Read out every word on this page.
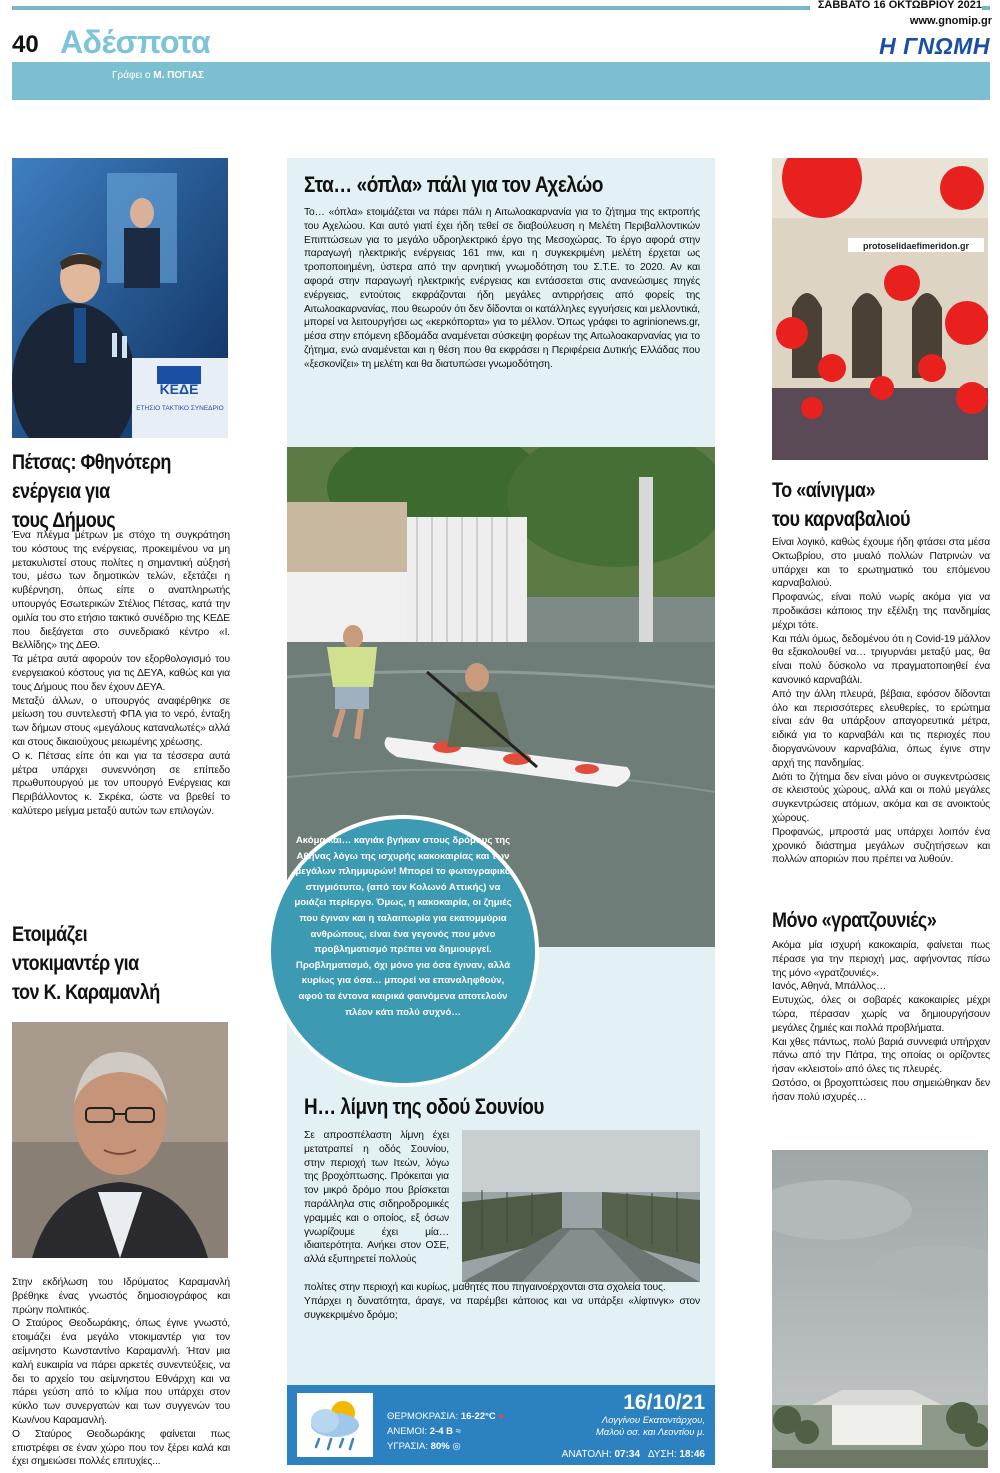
ΣΑΒΒΑΤΟ 16 ΟΚΤΩΒΡΙΟΥ 2021
www.gnomip.gr
Η ΓΝΩΜΗ
40 Αδέσποτα
Γράφει ο Μ. ΠΟΓΙΑΣ
ΚΕΔΕ
ΕΤΗΣΙΟ ΤΑΚΤΙΚΟ ΣΥΝΕΔΡΙΟ
Πέτσας: Φθηνότερη
ενέργεια για
τους Δήμους

Ένα πλέγμα μέτρων με στόχο τη συγκράτηση του κόστους της ενέργειας, προκειμένου να μη μετακυλιστεί στους πολίτες η σημαντική αύξησή του, μέσω των δημοτικών τελών, εξετάζει η κυβέρνηση, όπως είπε ο αναπληρωτής υπουργός Εσωτερικών Στέλιος Πέτσας, κατά την ομιλία του στο ετήσιο τακτικό συνέδριο της ΚΕΔΕ που διεξάγεται στο συνεδριακό κέντρο «Ι. Βελλίδης» της ΔΕΘ.

Τα μέτρα αυτά αφορούν τον εξορθολογισμό του ενεργειακού κόστους για τις ΔΕΥΑ, καθώς και για τους Δήμους που δεν έχουν ΔΕΥΑ.

Μεταξύ άλλων, ο υπουργός αναφέρθηκε σε μείωση του συντελεστή ΦΠΑ για το νερό, ένταξη των δήμων στους «μεγάλους καταναλωτές» αλλά και στους δικαιούχους μειωμένης χρέωσης.

Ο κ. Πέτσας είπε ότι και για τα τέσσερα αυτά μέτρα υπάρχει συνεννόηση σε επίπεδο πρωθυπουργού με τον υπουργό Ενέργειας και Περιβάλλοντος κ. Σκρέκα, ώστε να βρεθεί το καλύτερο μείγμα μεταξύ αυτών των επιλογών.

Ετοιμάζει
ντοκιμαντέρ για
τον Κ. Καραμανλή

Στην εκδήλωση του Ιδρύματος Καραμανλή βρέθηκε ένας γνωστός δημοσιογράφος και πρώην πολιτικός.

Ο Σταύρος Θεοδωράκης, όπως έγινε γνωστό, ετοιμάζει ένα μεγάλο ντοκιμαντέρ για τον αείμνηστο Κωνσταντίνο Καραμανλή. Ήταν μια καλή ευκαιρία να πάρει αρκετές συνεντεύξεις, να δει το αρχείο του αείμνηστου Εθνάρχη και να πάρει γεύση από το κλίμα που υπάρχει στον κύκλο των συνεργατών και των συγγενών του Κων/νου Καραμανλή.

Ο Σταύρος Θεοδωράκης φαίνεται πως επιστρέφει σε έναν χώρο που τον ξέρει καλά και έχει σημειώσει πολλές επιτυχίες...

Στα… «όπλα» πάλι για τον Αχελώο
Το… «όπλα» ετοιμάζεται να πάρει πάλι η Αιτωλοακαρνανία για το ζήτημα της εκτροπής του Αχελώου. Και αυτό γιατί έχει ήδη τεθεί σε διαβούλευση η Μελέτη Περιβαλλοντικών Επιπτώσεων για το μεγάλο υδροηλεκτρικό έργο της Μεσοχώρας. Το έργο αφορά στην παραγωγή ηλεκτρικής ενέργειας 161 mw, και η συγκεκριμένη μελέτη έρχεται ως τροποποιημένη, ύστερα από την αρνητική γνωμοδότηση του Σ.Τ.Ε. το 2020. Αν και αφορά στην παραγωγή ηλεκτρικής ενέργειας και εντάσσεται στις ανανεώσιμες πηγές ενέργειας, εντούτοις εκφράζονται ήδη μεγάλες αντιρρήσεις από φορείς της Αιτωλοακαρνανίας, που θεωρούν ότι δεν δίδονται οι κατάλληλες εγγυήσεις και μελλοντικά, μπορεί να λειτουργήσει ως «κερκόπορτα» για το μέλλον. Όπως γράφει το agrinionews.gr, μέσα στην επόμενη εβδομάδα αναμένεται σύσκεψη φορέων της Αιτωλοακαρνανίας για το ζήτημα, ενώ αναμένεται και η θέση που θα εκφράσει η Περιφέρεια Δυτικής Ελλάδας που «ξεσκονίζει» τη μελέτη και θα διατυπώσει γνωμοδότηση.
Ακόμα και… καγιάκ βγήκαν στους δρόμους της Αθήνας λόγω της ισχυρής κακοκαιρίας και των μεγάλων πλημμυρών! Μπορεί το φωτογραφικό στιγμιότυπο, (από τον Κολωνό Αττικής) να μοιάζει περίεργο. Όμως, η κακοκαιρία, οι ζημιές που έγιναν και η ταλαιπωρία για εκατομμύρια ανθρώπους, είναι ένα γεγονός που μόνο προβληματισμό πρέπει να δημιουργεί. Προβληματισμό, όχι μόνο για όσα έγιναν, αλλά κυρίως για όσα… μπορεί να επαναληφθούν, αφού τα έντονα καιρικά φαινόμενα αποτελούν πλέον κάτι πολύ συχνό…
Η… λίμνη της οδού Σουνίου
Σε απροσπέλαστη λίμνη έχει μετατραπεί η οδός Σουνίου, στην περιοχή των Ιτεών, λόγω της βροχόπτωσης. Πρόκειται για τον μικρό δρόμο που βρίσκεται παράλληλα στις σιδηροδρομικές γραμμές και ο οποίος, εξ όσων γνωρίζουμε έχει μία… ιδιαιτερότητα. Ανήκει στον ΟΣΕ, αλλά εξυπηρετεί πολλούς

πολίτες στην περιοχή και κυρίως, μαθητές που πηγαινοέρχονται στα σχολεία τους.

Υπάρχει η δυνατότητα, άραγε, να παρέμβει κάποιος και να υπάρξει «λίφτινγκ» στον συγκεκριμένο δρόμο;

ΘΕΡΜΟΚΡΑΣΙΑ: 16-22°C ●
ΑΝΕΜΟΙ: 2-4 Β ≈
ΥΓΡΑΣΙΑ: 80% ◎
16/10/21
Λογγίνου Εκατοντάρχου,
Μαλού οσ. και Λεοντίου μ.
ΑΝΑΤΟΛΗ: 07:34 ΔΥΣΗ: 18:46
protoselidaefimeridon.gr
Το «αίνιγμα»
του καρναβαλιού

Είναι λογικό, καθώς έχουμε ήδη φτάσει στα μέσα Οκτωβρίου, στο μυαλό πολλών Πατρινών να υπάρχει και το ερωτηματικό του επόμενου καρναβαλιού.

Προφανώς, είναι πολύ νωρίς ακόμα για να προδικάσει κάποιος την εξέλιξη της πανδημίας μέχρι τότε.

Και πάλι όμως, δεδομένου ότι η Covid-19 μάλλον θα εξακολουθεί να… τριγυρνάει μεταξύ μας, θα είναι πολύ δύσκολο να πραγματοποιηθεί ένα κανονικό καρναβάλι.

Από την άλλη πλευρά, βέβαια, εφόσον δίδονται όλο και περισσότερες ελευθερίες, το ερώτημα είναι εάν θα υπάρξουν απαγορευτικά μέτρα, ειδικά για το καρναβάλι και τις περιοχές που διοργανώνουν καρναβάλια, όπως έγινε στην αρχή της πανδημίας.

Διότι το ζήτημα δεν είναι μόνο οι συγκεντρώσεις σε κλειστούς χώρους, αλλά και οι πολύ μεγάλες συγκεντρώσεις ατόμων, ακόμα και σε ανοικτούς χώρους.

Προφανώς, μπροστά μας υπάρχει λοιπόν ένα χρονικό διάστημα μεγάλων συζητήσεων και πολλών αποριών που πρέπει να λυθούν.

Μόνο «γρατζουνιές»

Ακόμα μία ισχυρή κακοκαιρία, φαίνεται πως πέρασε για την περιοχή μας, αφήνοντας πίσω της μόνο «γρατζουνιές».

Ιανός, Αθηνά, Μπάλλος…

Ευτυχώς, όλες οι σοβαρές κακοκαιρίες μέχρι τώρα, πέρασαν χωρίς να δημιουργήσουν μεγάλες ζημιές και πολλά προβλήματα.

Και χθες πάντως, πολύ βαριά συννεφιά υπήρχαν πάνω από την Πάτρα, της οποίας οι ορίζοντες ήσαν «κλειστοί» από όλες τις πλευρές.

Ωστόσο, οι βροχοπτώσεις που σημειώθηκαν δεν ήσαν πολύ ισχυρές…
